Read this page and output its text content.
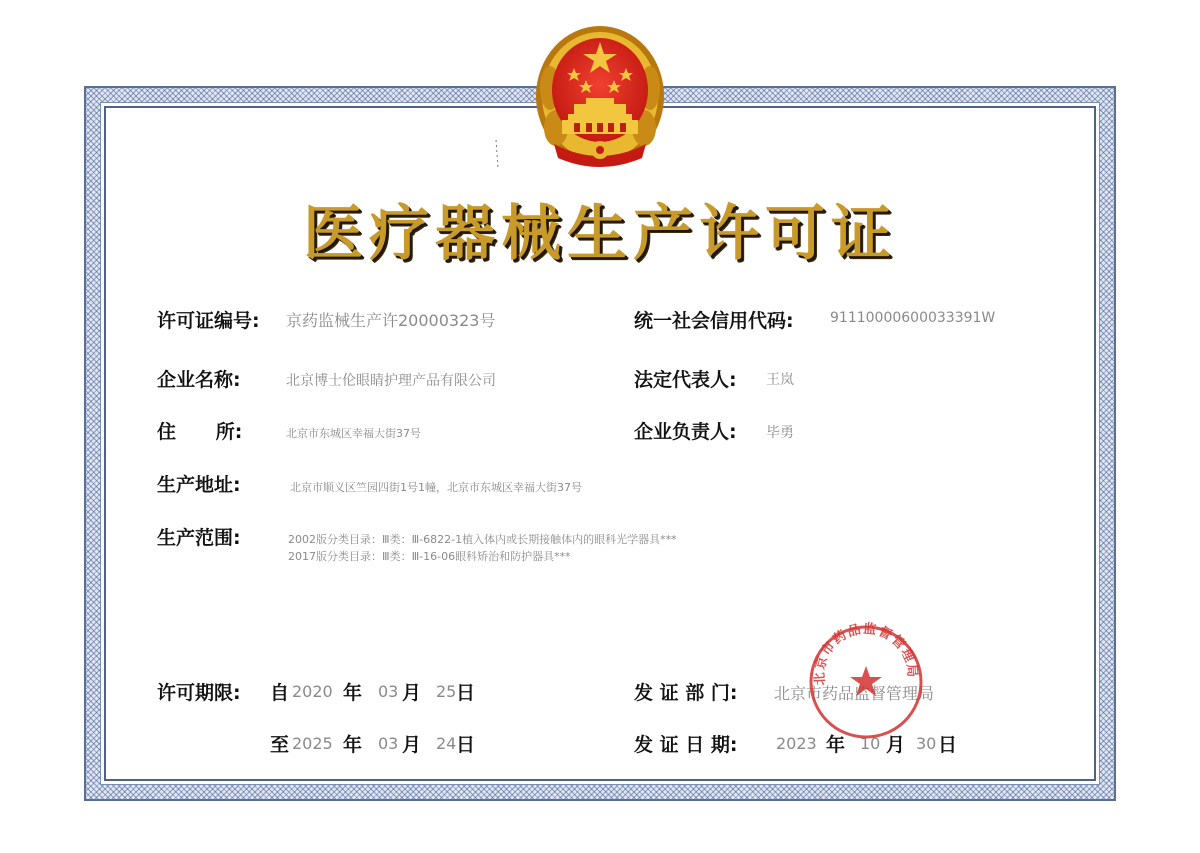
医疗器械生产许可证
许可证编号: 京药监械生产许20000323号	统一社会信用代码:	91110000600033391W
企业名称:	北京博士伦眼睛护理产品有限公司	法定代表人: 王岚
住      所:	北京市东城区幸福大街37号	企业负责人: 毕勇
生产地址:	北京市顺义区竺园四街1号1幢，北京市东城区幸福大街37号
生产范围:	2002版分类目录：Ⅲ类：Ⅲ-6822-1植入体内或长期接触体内的眼科光学器具***
2017版分类目录：Ⅲ类：Ⅲ-16-06眼科矫治和防护器具***
许可期限: 自 2020 年 03 月 25 日	发 证 部 门: 北京市药品监督管理局
至 2025 年 03 月 24 日	发 证 日 期: 2023 年 10 月 30 日
北京市药品监督管理局
